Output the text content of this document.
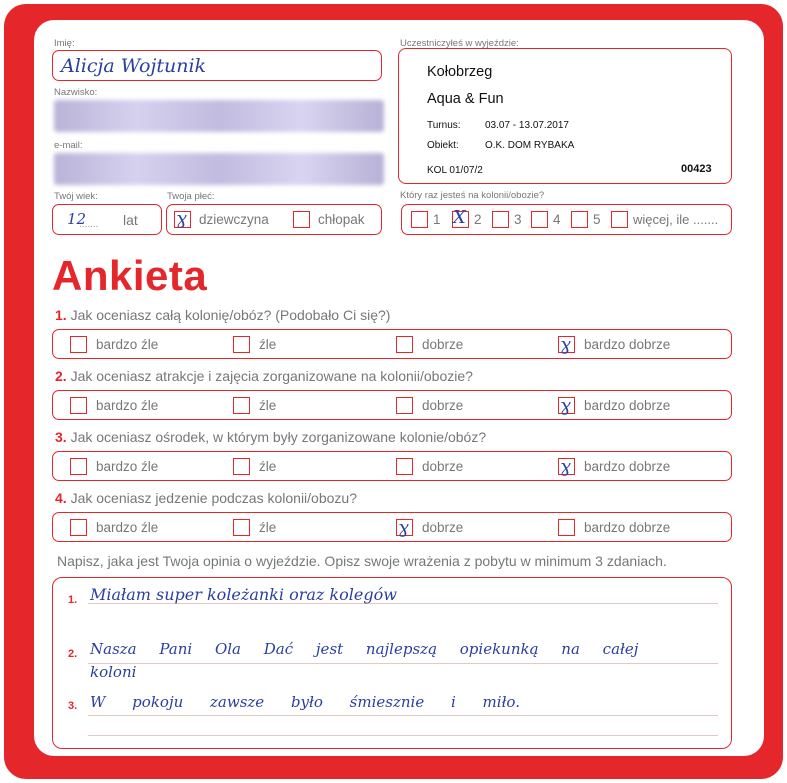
Imię:
Alicja Wojtunik
Nazwisko:
e-mail:
Twój wiek:
12
....... lat
Twoja płeć:
ɣ dziewczyna	chłopak
Uczestniczyłeś w wyjeździe:
Kołobrzeg
Aqua & Fun
Turnus: 03.07 - 13.07.2017
Obiekt:	O.K. DOM RYBAKA
KOL 01/07/2	00423
Który raz jesteś na kolonii/obozie?
1 X 2 3 4 5 więcej, ile .......
Ankieta
1. Jak oceniasz całą kolonię/obóz? (Podobało Ci się?)
bardzo źle	źle	dobrze	ɣ bardzo dobrze
2. Jak oceniasz atrakcje i zajęcia zorganizowane na kolonii/obozie?
bardzo źle	źle	dobrze	ɣ bardzo dobrze
3. Jak oceniasz ośrodek, w którym były zorganizowane kolonie/obóz?
bardzo źle	źle	dobrze	ɣ bardzo dobrze
4. Jak oceniasz jedzenie podczas kolonii/obozu?
bardzo źle	źle	ɣ dobrze	bardzo dobrze
Napisz, jaka jest Twoja opinia o wyjeździe. Opisz swoje wrażenia z pobytu w minimum 3 zdaniach.
1. Miałam super koleżanki oraz kolegów
2. Nasza Pani Ola Dać jest najlepszą opiekunką na całej
koloni
3. W pokoju zawsze było śmiesznie i miło.
